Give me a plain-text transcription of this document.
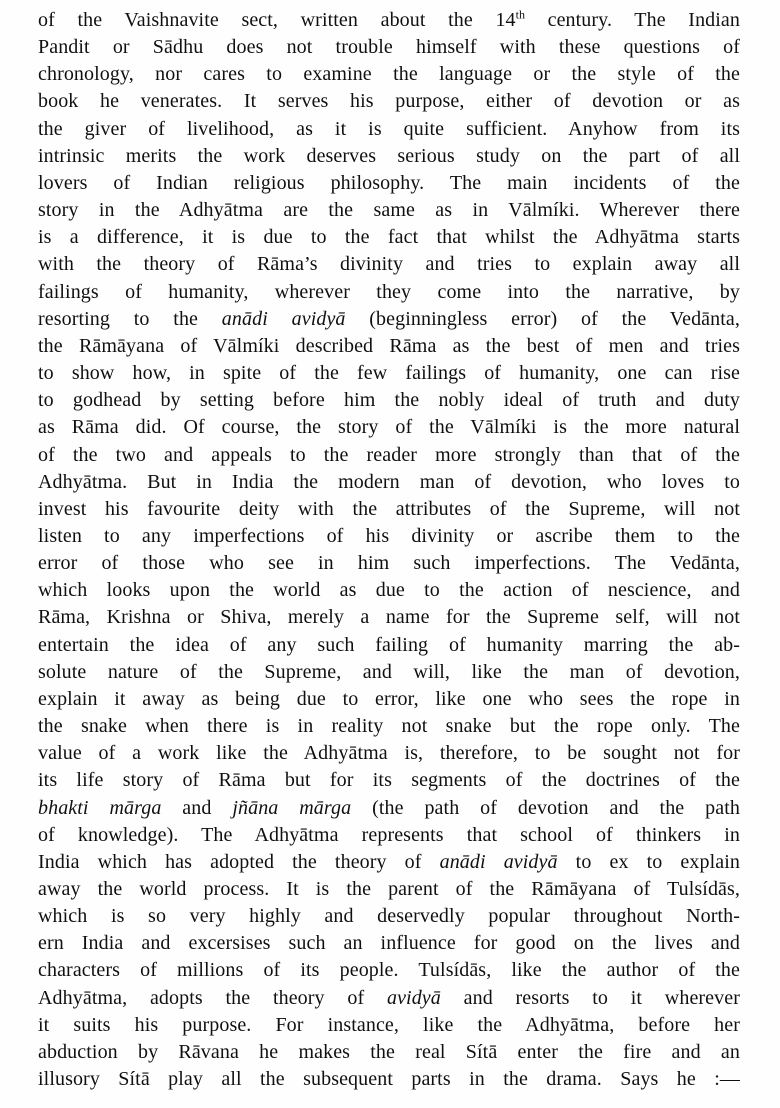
of the Vaishnavite sect, written about the 14th century. The Indian
Pandit or Sādhu does not trouble himself with these questions of
chronology, nor cares to examine the language or the style of the
book he venerates. It serves his purpose, either of devotion or as
the giver of livelihood, as it is quite sufficient. Anyhow from its
intrinsic merits the work deserves serious study on the part of all
lovers of Indian religious philosophy. The main incidents of the
story in the Adhyātma are the same as in Vālmíki. Wherever there
is a difference, it is due to the fact that whilst the Adhyātma starts
with the theory of Rāma’s divinity and tries to explain away all
failings of humanity, wherever they come into the narrative, by
resorting to the anādi avidyā (beginningless error) of the Vedānta,
the Rāmāyana of Vālmíki described Rāma as the best of men and tries
to show how, in spite of the few failings of humanity, one can rise
to godhead by setting before him the nobly ideal of truth and duty
as Rāma did. Of course, the story of the Vālmíki is the more natural
of the two and appeals to the reader more strongly than that of the
Adhyātma. But in India the modern man of devotion, who loves to
invest his favourite deity with the attributes of the Supreme, will not
listen to any imperfections of his divinity or ascribe them to the
error of those who see in him such imperfections. The Vedānta,
which looks upon the world as due to the action of nescience, and
Rāma, Krishna or Shiva, merely a name for the Supreme self, will not
entertain the idea of any such failing of humanity marring the ab-
solute nature of the Supreme, and will, like the man of devotion,
explain it away as being due to error, like one who sees the rope in
the snake when there is in reality not snake but the rope only. The
value of a work like the Adhyātma is, therefore, to be sought not for
its life story of Rāma but for its segments of the doctrines of the
bhakti mārga and jñāna mārga (the path of devotion and the path
of knowledge). The Adhyātma represents that school of thinkers in
India which has adopted the theory of anādi avidyā to ex to explain
away the world process. It is the parent of the Rāmāyana of Tulsídās,
which is so very highly and deservedly popular throughout North-
ern India and excersises such an influence for good on the lives and
characters of millions of its people. Tulsídās, like the author of the
Adhyātma, adopts the theory of avidyā and resorts to it wherever
it suits his purpose. For instance, like the Adhyātma, before her
abduction by Rāvana he makes the real Sítā enter the fire and an
illusory Sítā play all the subsequent parts in the drama. Says he :—
